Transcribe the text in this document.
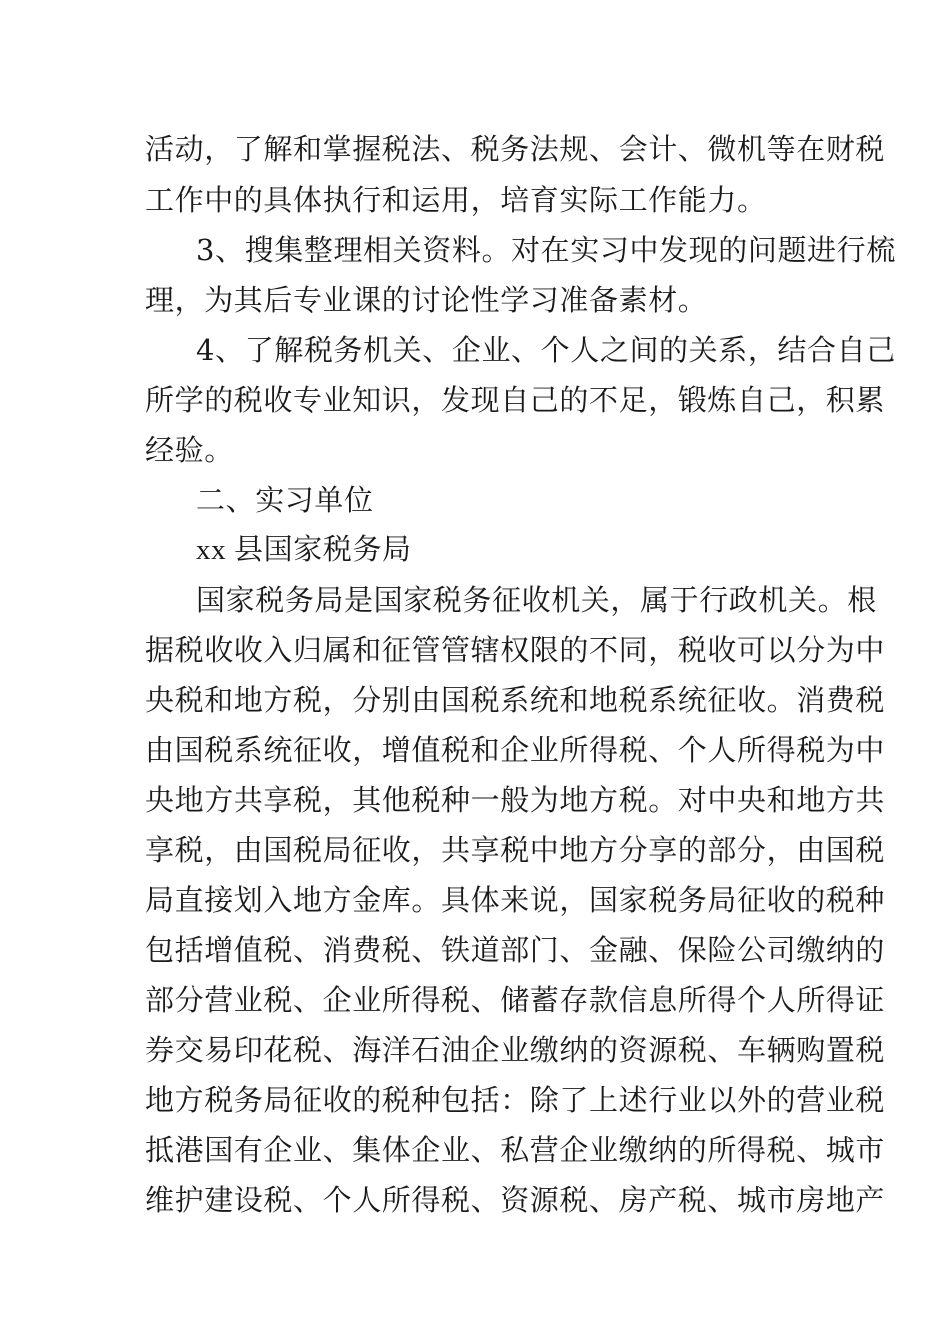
活动，了解和掌握税法、税务法规、会计、微机等在财税
工作中的具体执行和运用，培育实际工作能力。
3、搜集整理相关资料。对在实习中发现的问题进行梳
理，为其后专业课的讨论性学习准备素材。
4、了解税务机关、企业、个人之间的关系，结合自己
所学的税收专业知识，发现自己的不足，锻炼自己，积累
经验。
二、实习单位
xx 县国家税务局
国家税务局是国家税务征收机关，属于行政机关。根
据税收收入归属和征管管辖权限的不同，税收可以分为中
央税和地方税，分别由国税系统和地税系统征收。消费税
由国税系统征收，增值税和企业所得税、个人所得税为中
央地方共享税，其他税种一般为地方税。对中央和地方共
享税，由国税局征收，共享税中地方分享的部分，由国税
局直接划入地方金库。具体来说，国家税务局征收的税种
包括增值税、消费税、铁道部门、金融、保险公司缴纳的
部分营业税、企业所得税、储蓄存款信息所得个人所得证
券交易印花税、海洋石油企业缴纳的资源税、车辆购置税
地方税务局征收的税种包括：除了上述行业以外的营业税
抵港国有企业、集体企业、私营企业缴纳的所得税、城市
维护建设税、个人所得税、资源税、房产税、城市房地产
